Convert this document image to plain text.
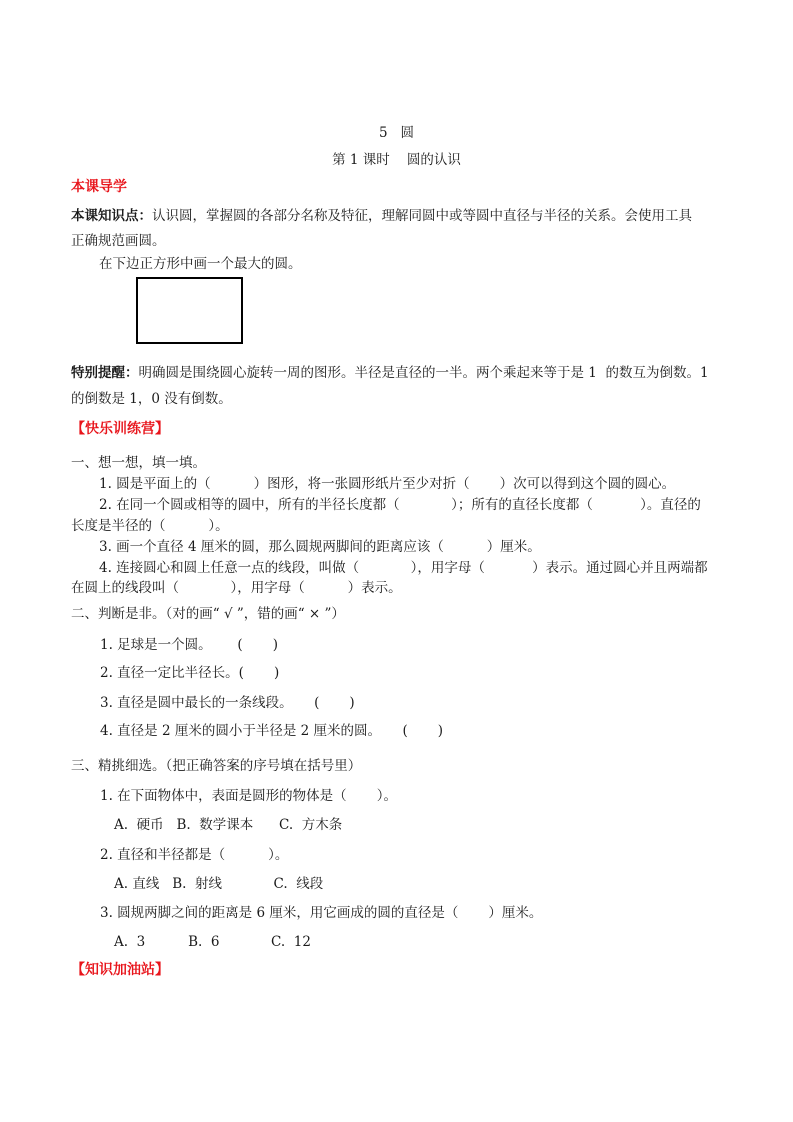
5   圆
第 1 课时    圆的认识
本课导学
本课知识点：认识圆，掌握圆的各部分名称及特征，理解同圆中或等圆中直径与半径的关系。会使用工具
正确规范画圆。
在下边正方形中画一个最大的圆。
特别提醒：明确圆是围绕圆心旋转一周的图形。半径是直径的一半。两个乘起来等于是 1  的数互为倒数。1
的倒数是 1，0 没有倒数。
【快乐训练营】
一、想一想，填一填。
1. 圆是平面上的（          ）图形，将一张圆形纸片至少对折（       ）次可以得到这个圆的圆心。
2. 在同一个圆或相等的圆中，所有的半径长度都（            ）；所有的直径长度都（           ）。直径的
长度是半径的（          ）。
3. 画一个直径 4 厘米的圆，那么圆规两脚间的距离应该（          ）厘米。
4. 连接圆心和圆上任意一点的线段，叫做（            ），用字母（           ）表示。通过圆心并且两端都
在圆上的线段叫（            ），用字母（          ）表示。
二、判断是非。（对的画“ √ ”，错的画“ × ”）
1. 足球是一个圆。      (       )
2. 直径一定比半径长。(       )
3. 直径是圆中最长的一条线段。     (       )
4. 直径是 2 厘米的圆小于半径是 2 厘米的圆。     (       )
三、精挑细选。（把正确答案的序号填在括号里）
1. 在下面物体中，表面是圆形的物体是（       ）。
A.  硬币   B.  数学课本      C.  方木条
2. 直径和半径都是（          ）。
A. 直线   B.  射线            C.  线段
3. 圆规两脚之间的距离是 6 厘米，用它画成的圆的直径是（       ）厘米。
A.  3          B.  6            C.  12
【知识加油站】
